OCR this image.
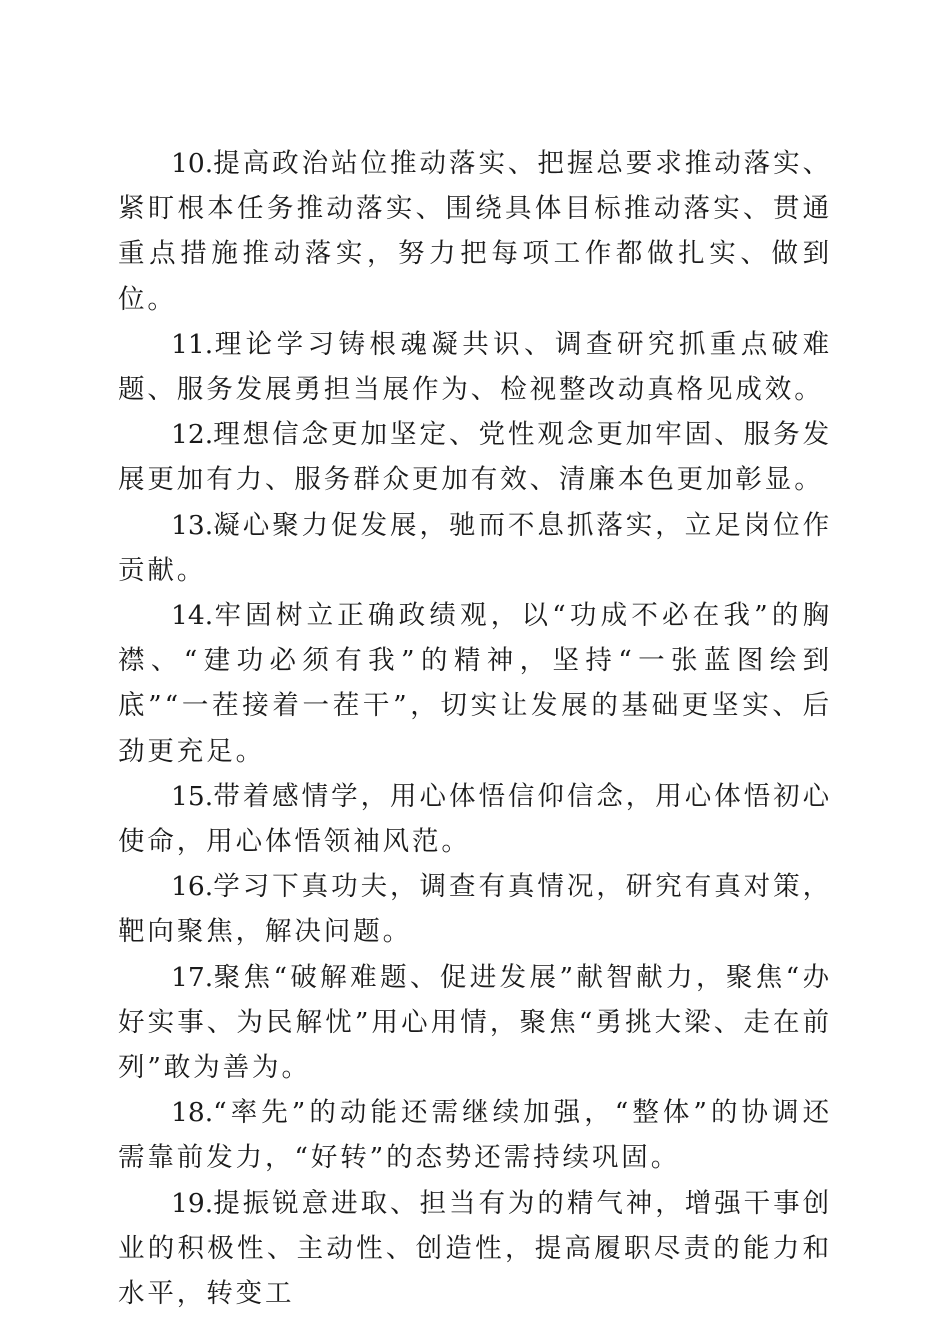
10.提高政治站位推动落实、把握总要求推动落实、紧盯根本任务推动落实、围绕具体目标推动落实、贯通重点措施推动落实，努力把每项工作都做扎实、做到位。

11.理论学习铸根魂凝共识、调查研究抓重点破难题、服务发展勇担当展作为、检视整改动真格见成效。

12.理想信念更加坚定、党性观念更加牢固、服务发展更加有力、服务群众更加有效、清廉本色更加彰显。

13.凝心聚力促发展，驰而不息抓落实，立足岗位作贡献。

14.牢固树立正确政绩观，以“功成不必在我”的胸襟、“建功必须有我”的精神，坚持“一张蓝图绘到底”“一茬接着一茬干”，切实让发展的基础更坚实、后劲更充足。

15.带着感情学，用心体悟信仰信念，用心体悟初心使命，用心体悟领袖风范。

16.学习下真功夫，调查有真情况，研究有真对策，靶向聚焦，解决问题。

17.聚焦“破解难题、促进发展”献智献力，聚焦“办好实事、为民解忧”用心用情，聚焦“勇挑大梁、走在前列”敢为善为。

18.“率先”的动能还需继续加强，“整体”的协调还需靠前发力，“好转”的态势还需持续巩固。

19.提振锐意进取、担当有为的精气神，增强干事创业的积极性、主动性、创造性，提高履职尽责的能力和水平，转变工
